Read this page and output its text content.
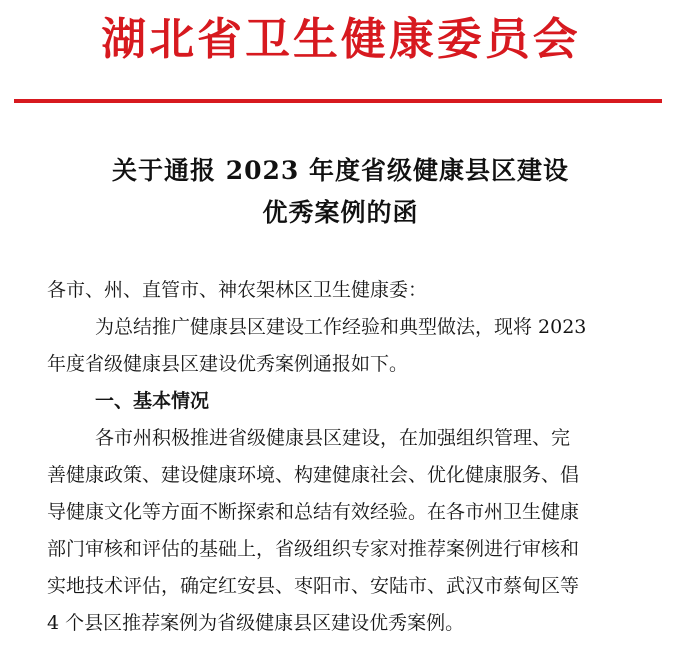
湖北省卫生健康委员会
关于通报 2023 年度省级健康县区建设
优秀案例的函
各市、州、直管市、神农架林区卫生健康委：
为总结推广健康县区建设工作经验和典型做法，现将 2023
年度省级健康县区建设优秀案例通报如下。
一、基本情况
各市州积极推进省级健康县区建设，在加强组织管理、完
善健康政策、建设健康环境、构建健康社会、优化健康服务、倡
导健康文化等方面不断探索和总结有效经验。在各市州卫生健康
部门审核和评估的基础上，省级组织专家对推荐案例进行审核和
实地技术评估，确定红安县、枣阳市、安陆市、武汉市蔡甸区等
4 个县区推荐案例为省级健康县区建设优秀案例。
